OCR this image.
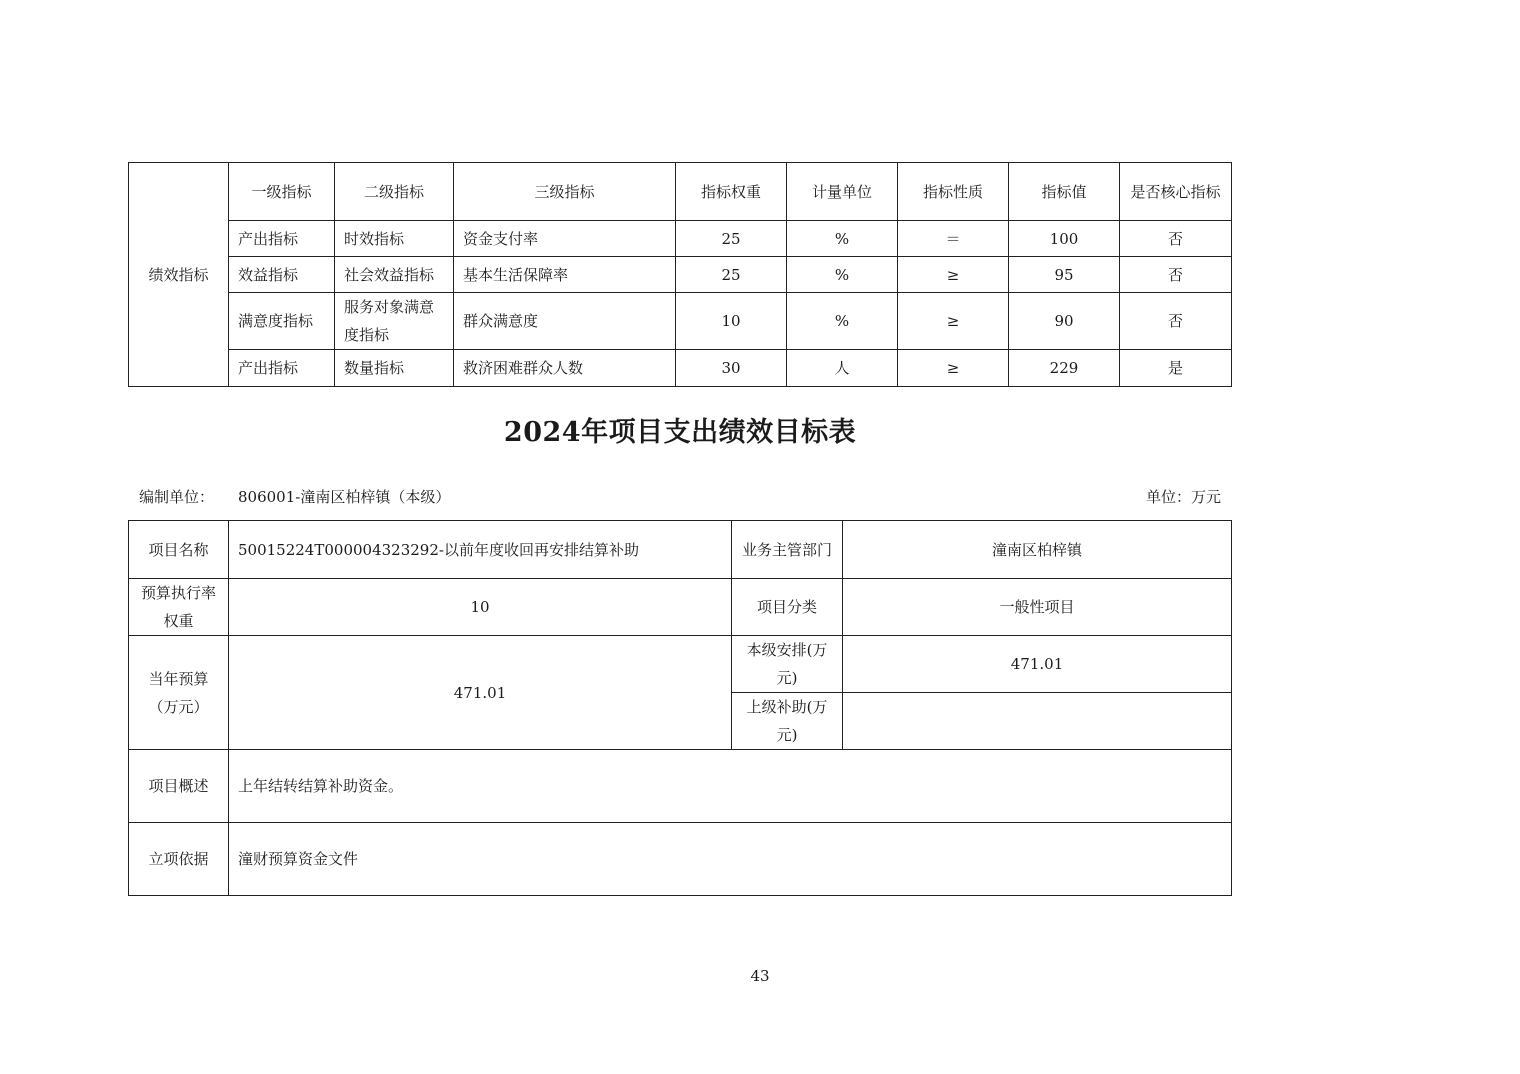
绩效指标	一级指标	二级指标	三级指标	指标权重	计量单位	指标性质	指标值	是否核心指标
	产出指标	时效指标	资金支付率	25	%	＝	100	否
	效益指标	社会效益指标	基本生活保障率	25	%	≥	95	否
	满意度指标	服务对象满意度指标	群众满意度	10	%	≥	90	否
	产出指标	数量指标	救济困难群众人数	30	人	≥	229	是
2024年项目支出绩效目标表
编制单位： 806001-潼南区柏梓镇（本级）	单位：万元
项目名称	50015224T000004323292-以前年度收回再安排结算补助	业务主管部门	潼南区柏梓镇
预算执行率权重	10	项目分类	一般性项目
当年预算（万元）	471.01	本级安排(万元)	471.01
		上级补助(万元)	
项目概述	上年结转结算补助资金。		
立项依据	潼财预算资金文件		
43
